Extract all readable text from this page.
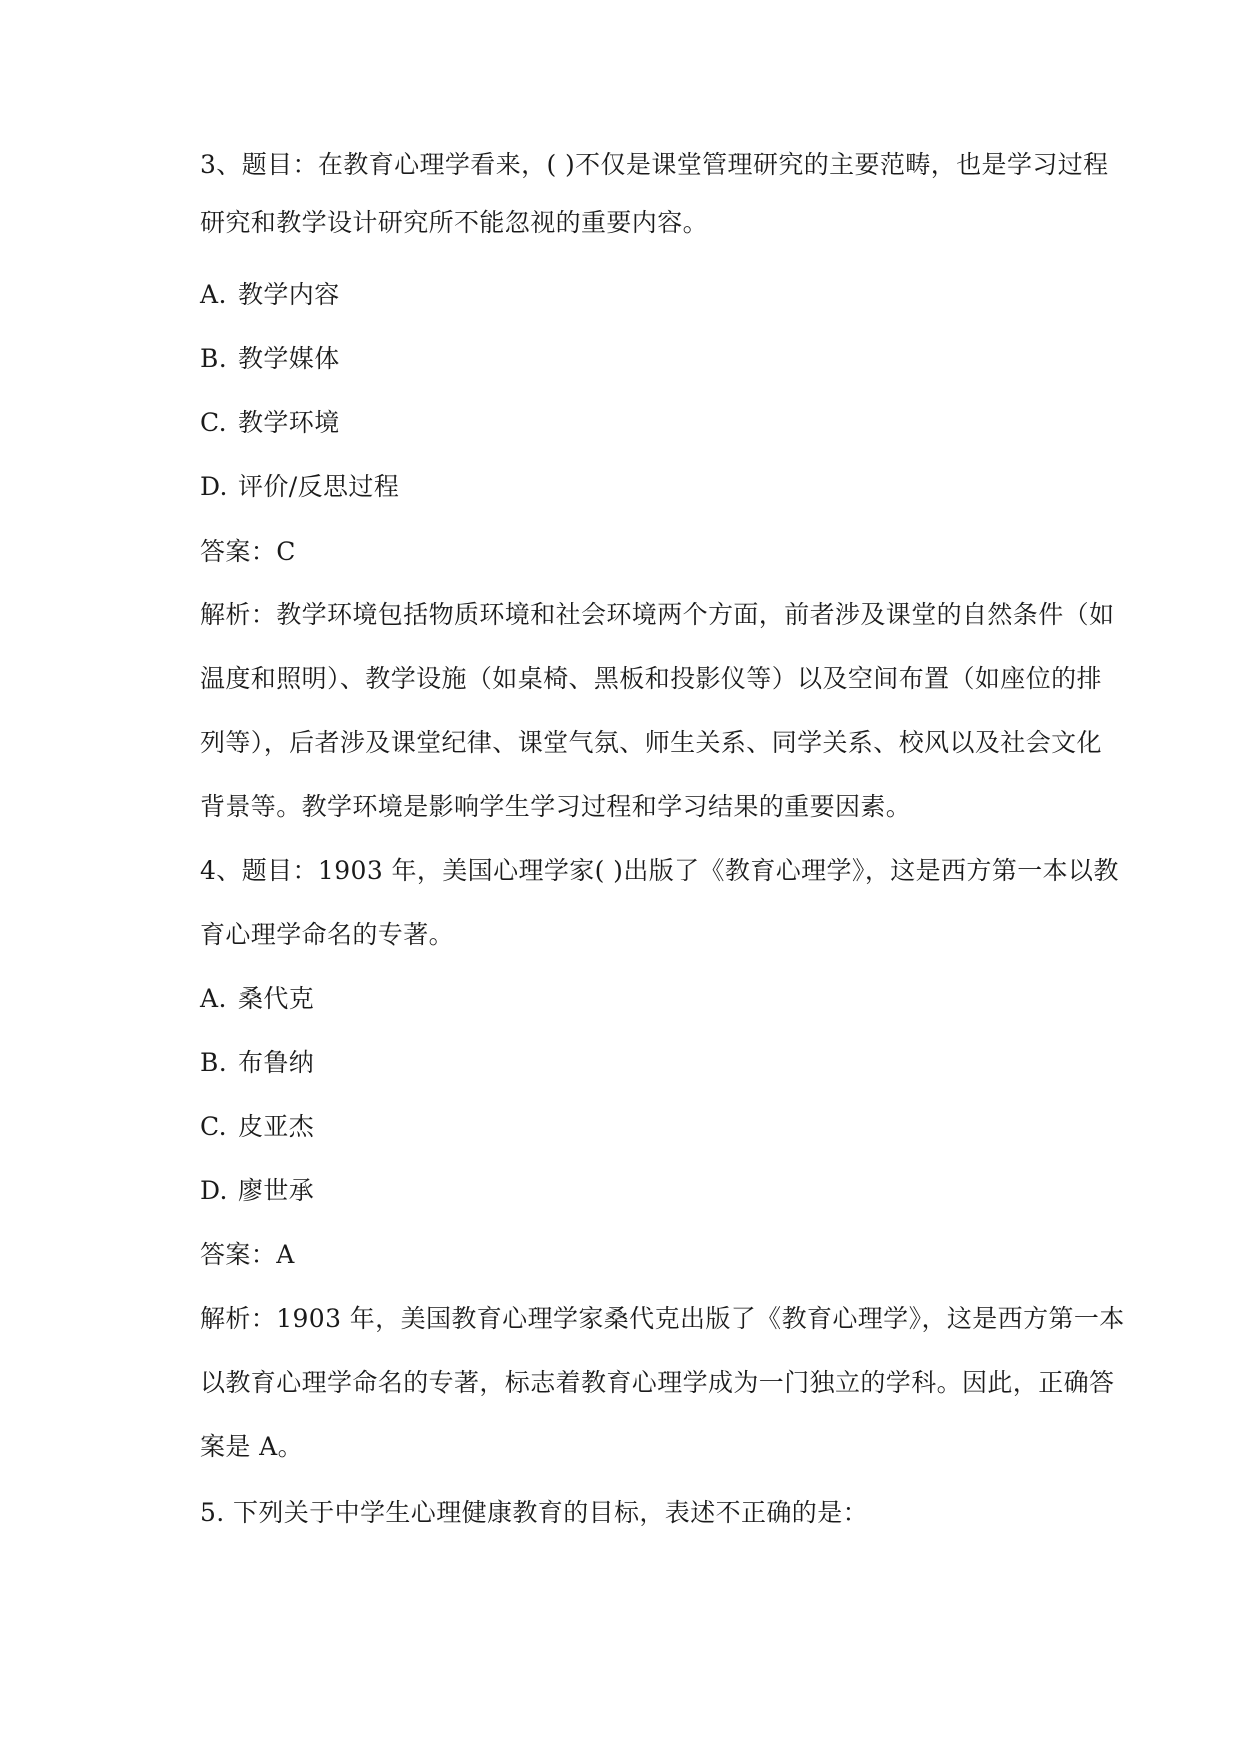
3、题目：在教育心理学看来，( )不仅是课堂管理研究的主要范畴，也是学习过程
研究和教学设计研究所不能忽视的重要内容。
A. 教学内容
B. 教学媒体
C. 教学环境
D. 评价/反思过程
答案：C
解析：教学环境包括物质环境和社会环境两个方面，前者涉及课堂的自然条件（如
温度和照明）、教学设施（如桌椅、黑板和投影仪等）以及空间布置（如座位的排
列等），后者涉及课堂纪律、课堂气氛、师生关系、同学关系、校风以及社会文化
背景等。教学环境是影响学生学习过程和学习结果的重要因素。
4、题目：1903 年，美国心理学家( )出版了《教育心理学》，这是西方第一本以教
育心理学命名的专著。
A. 桑代克
B. 布鲁纳
C. 皮亚杰
D. 廖世承
答案：A
解析：1903 年，美国教育心理学家桑代克出版了《教育心理学》，这是西方第一本
以教育心理学命名的专著，标志着教育心理学成为一门独立的学科。因此，正确答
案是 A。
5. 下列关于中学生心理健康教育的目标，表述不正确的是：
